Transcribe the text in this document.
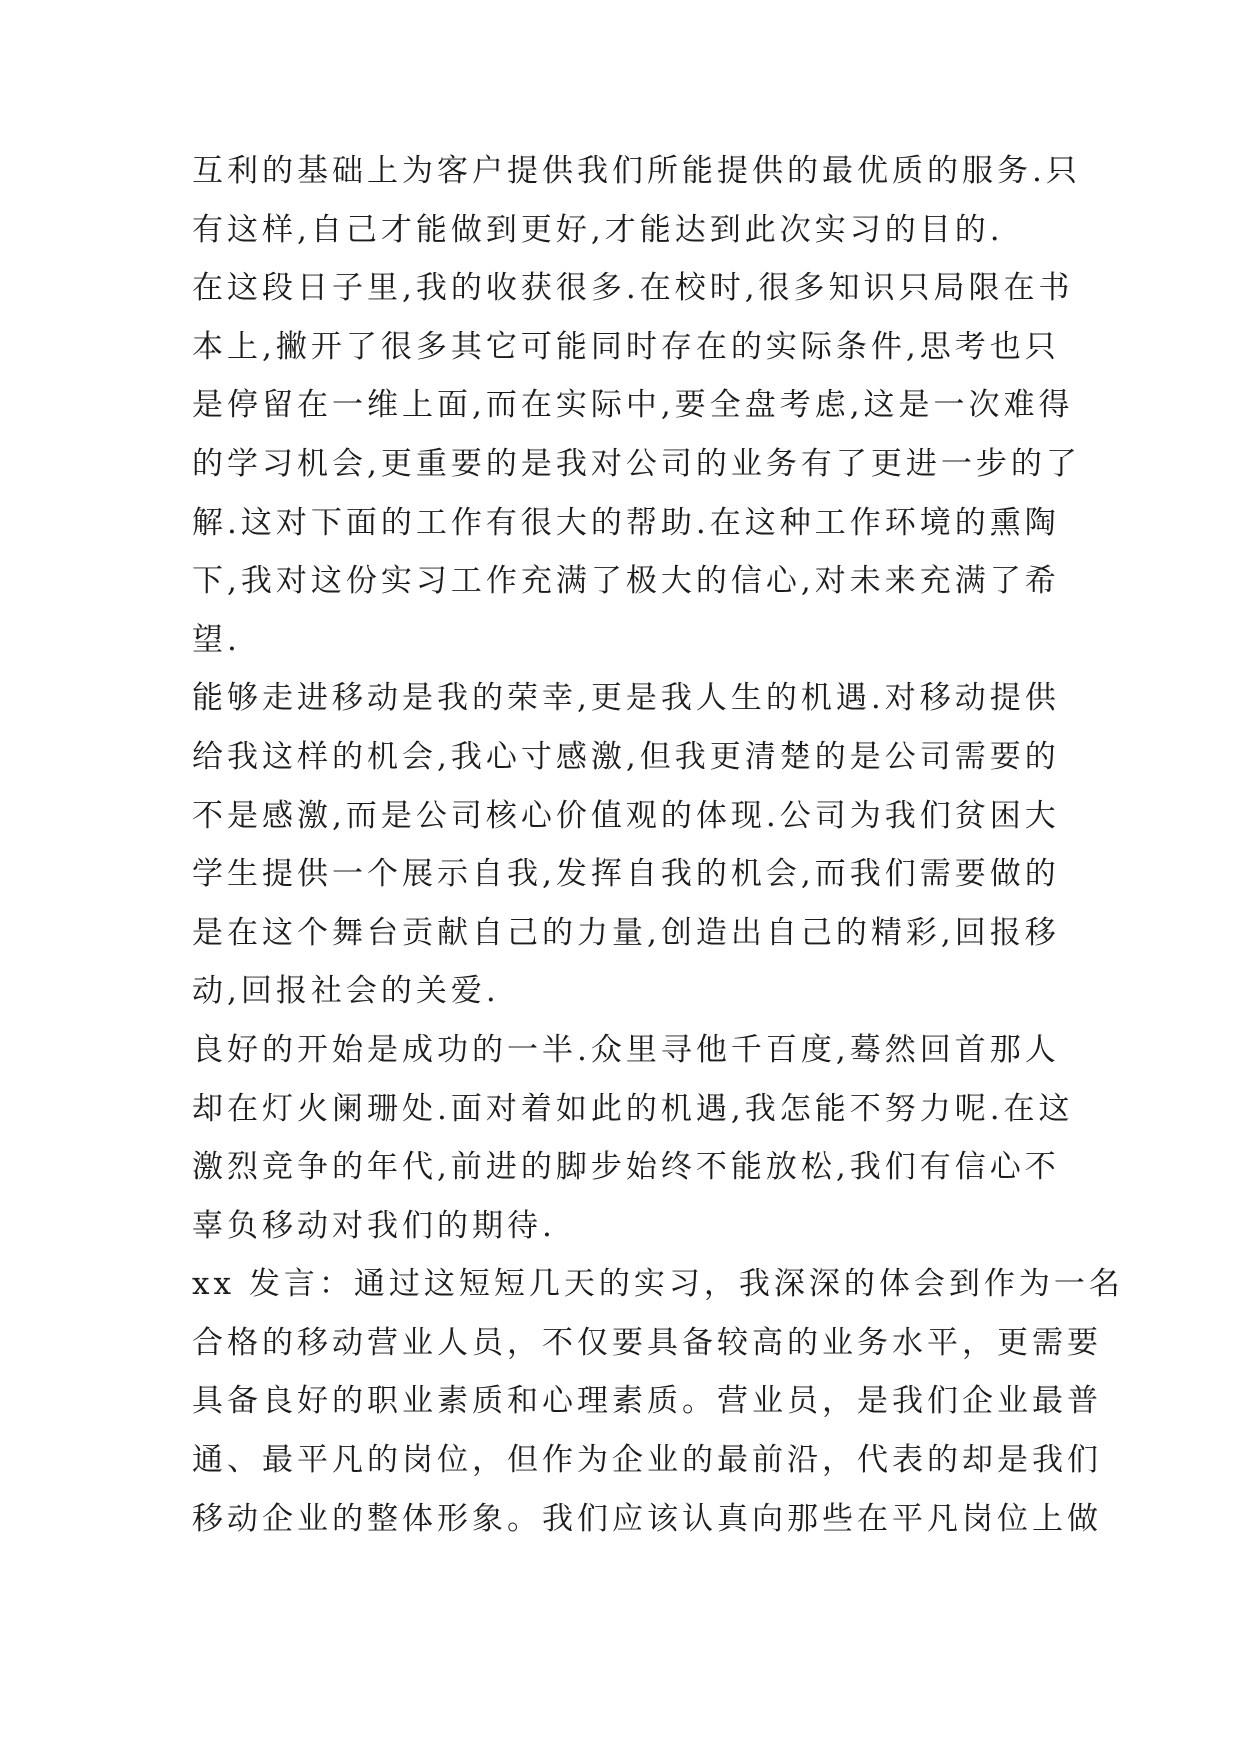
互利的基础上为客户提供我们所能提供的最优质的服务.只
有这样,自己才能做到更好,才能达到此次实习的目的.
在这段日子里,我的收获很多.在校时,很多知识只局限在书
本上,撇开了很多其它可能同时存在的实际条件,思考也只
是停留在一维上面,而在实际中,要全盘考虑,这是一次难得
的学习机会,更重要的是我对公司的业务有了更进一步的了
解.这对下面的工作有很大的帮助.在这种工作环境的熏陶
下,我对这份实习工作充满了极大的信心,对未来充满了希
望.
能够走进移动是我的荣幸,更是我人生的机遇.对移动提供
给我这样的机会,我心寸感激,但我更清楚的是公司需要的
不是感激,而是公司核心价值观的体现.公司为我们贫困大
学生提供一个展示自我,发挥自我的机会,而我们需要做的
是在这个舞台贡献自己的力量,创造出自己的精彩,回报移
动,回报社会的关爱.
良好的开始是成功的一半.众里寻他千百度,蓦然回首那人
却在灯火阑珊处.面对着如此的机遇,我怎能不努力呢.在这
激烈竞争的年代,前进的脚步始终不能放松,我们有信心不
辜负移动对我们的期待.
xx 发言：通过这短短几天的实习，我深深的体会到作为一名
合格的移动营业人员，不仅要具备较高的业务水平，更需要
具备良好的职业素质和心理素质。营业员，是我们企业最普
通、最平凡的岗位，但作为企业的最前沿，代表的却是我们
移动企业的整体形象。我们应该认真向那些在平凡岗位上做
